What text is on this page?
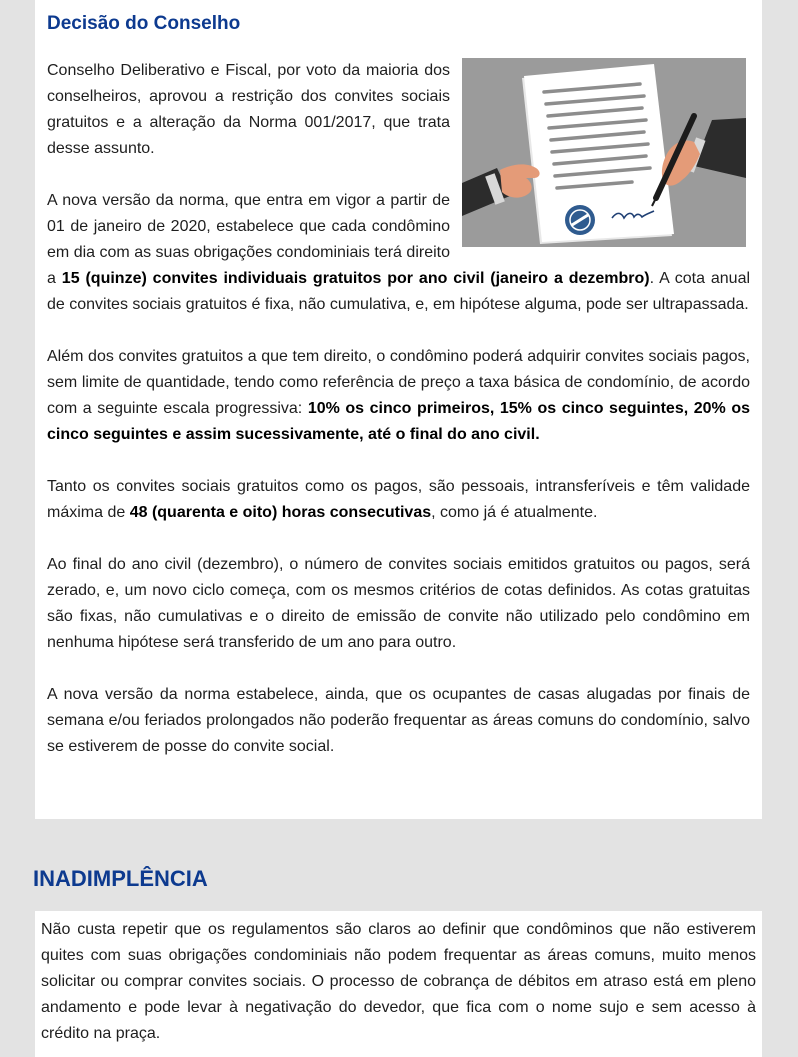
Decisão do Conselho

Conselho Deliberativo e Fiscal, por voto da maioria dos conselheiros, aprovou a restrição dos convites sociais gratuitos e a alteração da Norma 001/2017, que trata desse assunto.

A nova versão da norma, que entra em vigor a partir de 01 de janeiro de 2020, estabelece que cada condômino em dia com as suas obrigações condominiais terá direito a 15 (quinze) convites individuais gratuitos por ano civil (janeiro a dezembro). A cota anual de convites sociais gratuitos é fixa, não cumulativa, e, em hipótese alguma, pode ser ultrapassada.

Além dos convites gratuitos a que tem direito, o condômino poderá adquirir convites sociais pagos, sem limite de quantidade, tendo como referência de preço a taxa básica de condomínio, de acordo com a seguinte escala progressiva: 10% os cinco primeiros, 15% os cinco seguintes, 20% os cinco seguintes e assim sucessivamente, até o final do ano civil.

Tanto os convites sociais gratuitos como os pagos, são pessoais, intransferíveis e têm validade máxima de 48 (quarenta e oito) horas consecutivas, como já é atualmente.

Ao final do ano civil (dezembro), o número de convites sociais emitidos gratuitos ou pagos, será zerado, e, um novo ciclo começa, com os mesmos critérios de cotas definidos. As cotas gratuitas são fixas, não cumulativas e o direito de emissão de convite não utilizado pelo condômino em nenhuma hipótese será transferido de um ano para outro.

A nova versão da norma estabelece, ainda, que os ocupantes de casas alugadas por finais de semana e/ou feriados prolongados não poderão frequentar as áreas comuns do condomínio, salvo se estiverem de posse do convite social.

INADIMPLÊNCIA

Não custa repetir que os regulamentos são claros ao definir que condôminos que não estiverem quites com suas obrigações condominiais não podem frequentar as áreas comuns, muito menos solicitar ou comprar convites sociais. O processo de cobrança de débitos em atraso está em pleno andamento e pode levar à negativação do devedor, que fica com o nome sujo e sem acesso à crédito na praça.
